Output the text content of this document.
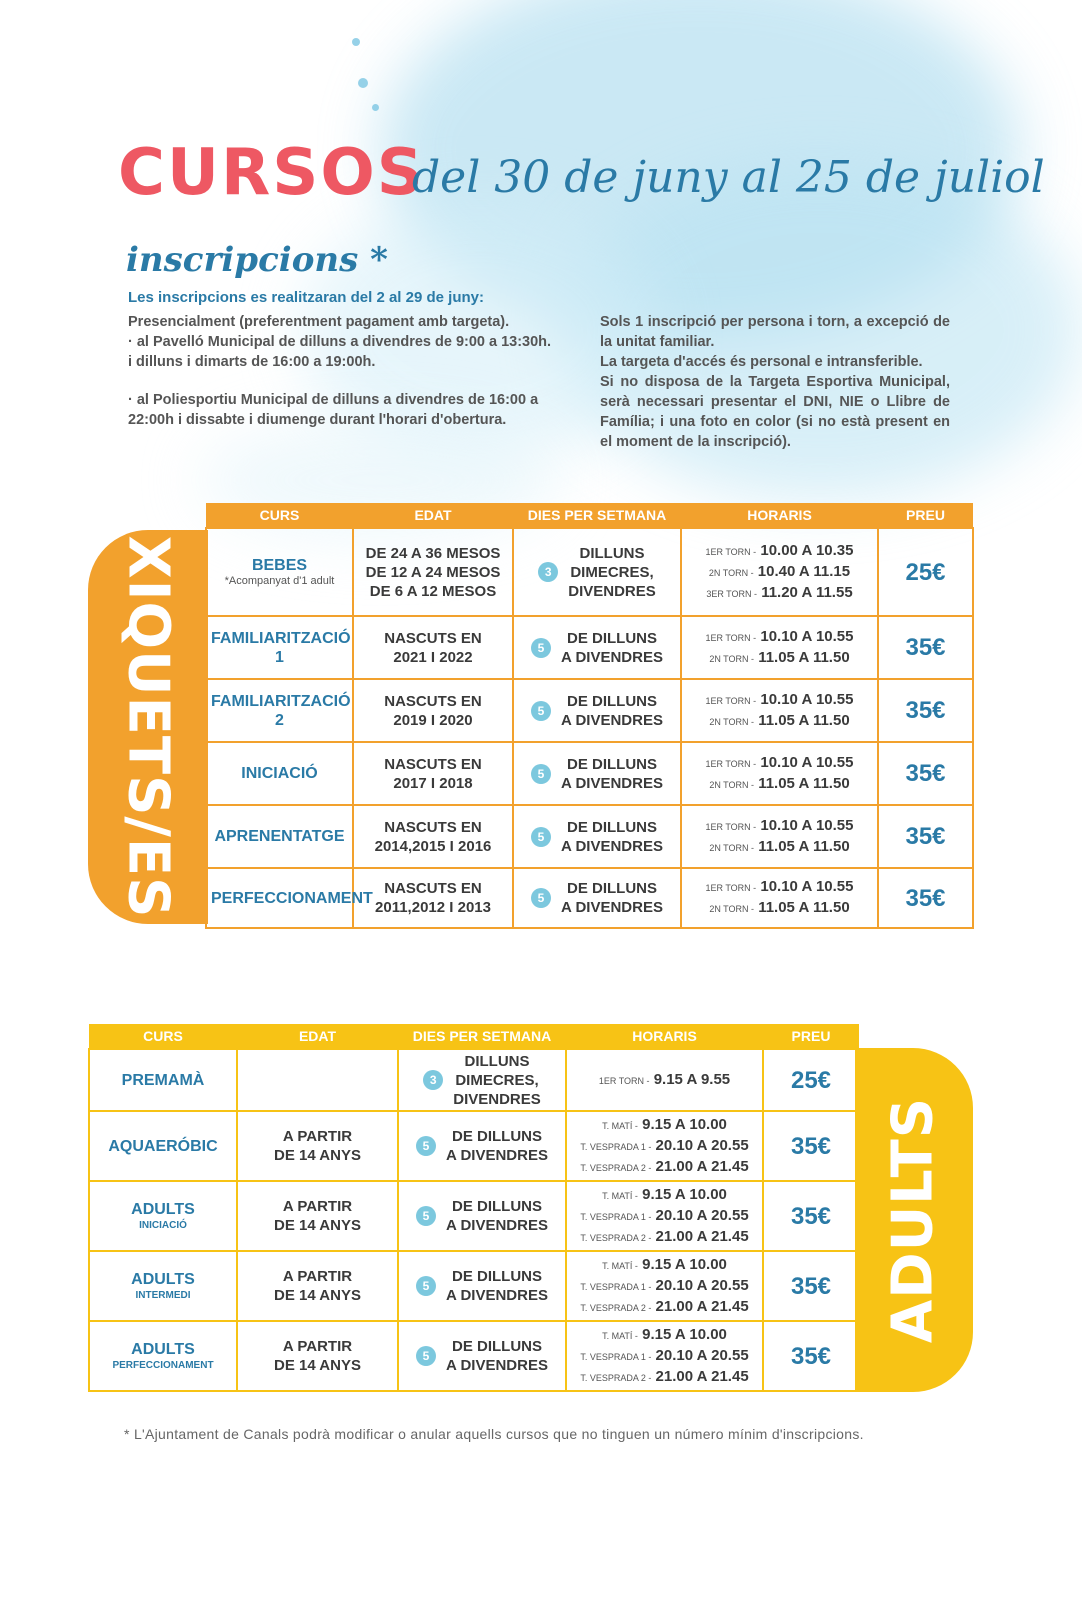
CURSOS
del 30 de juny al 25 de juliol
inscripcions *
Les inscripcions es realitzaran del 2 al 29 de juny:

Presencialment (preferentment pagament amb targeta).

· al Pavelló Municipal de dilluns a divendres de 9:00 a 13:30h.

i dilluns i dimarts de 16:00 a 19:00h.

· al Poliesportiu Municipal de dilluns a divendres de 16:00 a

22:00h i dissabte i diumenge durant l'horari d'obertura.

Sols 1 inscripció per persona i torn, a excepció de la unitat familiar.

La targeta d'accés és personal e intransferible.

Si no disposa de la Targeta Esportiva Municipal, serà necessari presentar el DNI, NIE o Llibre de Família; i una foto en color (si no està present en el moment de la inscripció).

XIQUETS/ES
CURS	EDAT	DIES PER SETMANA	HORARIS	PREU
BEBES
*Acompanyat d'1 adult	DE 24 A 36 MESOS
DE 12 A 24 MESOS
DE 6 A 12 MESOS	3
DILLUNS
DIMECRES,
DIVENDRES	1ER TORN - 10.00 A 10.35
2N TORN - 10.40 A 11.15
3ER TORN - 11.20 A 11.55	25€
FAMILIARITZACIÓ 1	NASCUTS EN
2021 I 2022	5
DE DILLUNS
A DIVENDRES	1ER TORN - 10.10 A 10.55
2N TORN - 11.05 A 11.50	35€
FAMILIARITZACIÓ 2	NASCUTS EN
2019 I 2020	5
DE DILLUNS
A DIVENDRES	1ER TORN - 10.10 A 10.55
2N TORN - 11.05 A 11.50	35€
INICIACIÓ	NASCUTS EN
2017 I 2018	5
DE DILLUNS
A DIVENDRES	1ER TORN - 10.10 A 10.55
2N TORN - 11.05 A 11.50	35€
APRENENTATGE	NASCUTS EN
2014,2015 I 2016	5
DE DILLUNS
A DIVENDRES	1ER TORN - 10.10 A 10.55
2N TORN - 11.05 A 11.50	35€
PERFECCIONAMENT	NASCUTS EN
2011,2012 I 2013	5
DE DILLUNS
A DIVENDRES	1ER TORN - 10.10 A 10.55
2N TORN - 11.05 A 11.50	35€
ADULTS
CURS	EDAT	DIES PER SETMANA	HORARIS	PREU
PREMAMÀ		3
DILLUNS
DIMECRES,
DIVENDRES	1ER TORN - 9.15 A 9.55	25€
AQUAERÓBIC	A PARTIR
DE 14 ANYS	5
DE DILLUNS
A DIVENDRES	T. MATÍ - 9.15 A 10.00
T. VESPRADA 1 - 20.10 A 20.55
T. VESPRADA 2 - 21.00 A 21.45	35€
ADULTS
INICIACIÓ	A PARTIR
DE 14 ANYS	5
DE DILLUNS
A DIVENDRES	T. MATÍ - 9.15 A 10.00
T. VESPRADA 1 - 20.10 A 20.55
T. VESPRADA 2 - 21.00 A 21.45	35€
ADULTS
INTERMEDI	A PARTIR
DE 14 ANYS	5
DE DILLUNS
A DIVENDRES	T. MATÍ - 9.15 A 10.00
T. VESPRADA 1 - 20.10 A 20.55
T. VESPRADA 2 - 21.00 A 21.45	35€
ADULTS
PERFECCIONAMENT	A PARTIR
DE 14 ANYS	5
DE DILLUNS
A DIVENDRES	T. MATÍ - 9.15 A 10.00
T. VESPRADA 1 - 20.10 A 20.55
T. VESPRADA 2 - 21.00 A 21.45	35€
* L'Ajuntament de Canals podrà modificar o anular aquells cursos que no tinguen un número mínim d'inscripcions.
